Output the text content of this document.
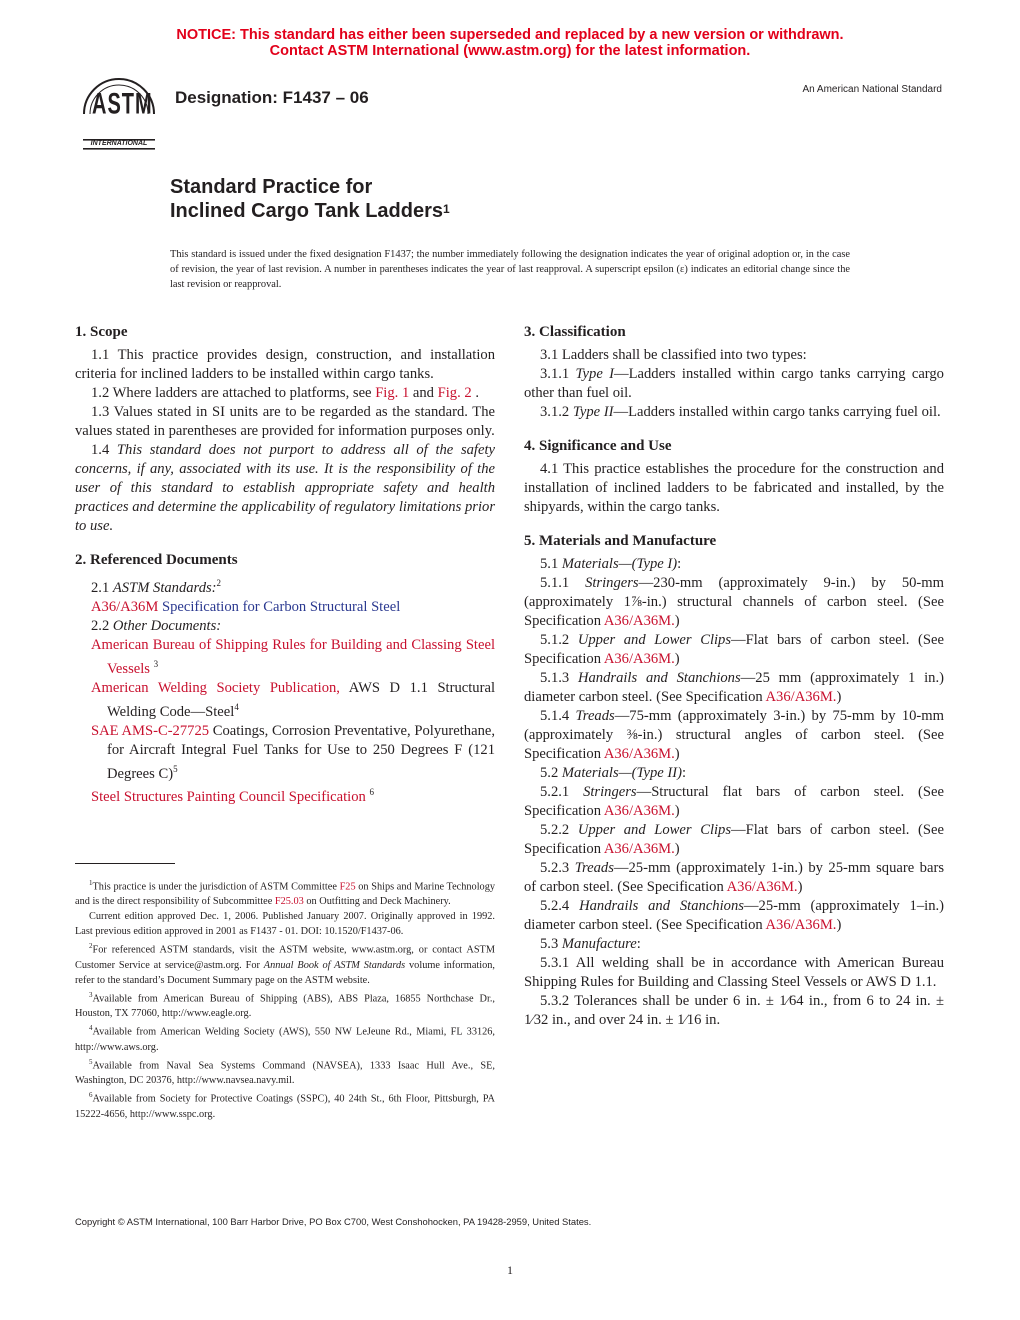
NOTICE: This standard has either been superseded and replaced by a new version or withdrawn.
Contact ASTM International (www.astm.org) for the latest information.
ASTM
INTERNATIONAL
Designation: F1437 – 06	An American National Standard
Standard Practice for
Inclined Cargo Tank Ladders$^1$
This standard is issued under the fixed designation F1437; the number immediately following the designation indicates the year of original adoption or, in the case of revision, the year of last revision. A number in parentheses indicates the year of last reapproval. A superscript epsilon (ε) indicates an editorial change since the last revision or reapproval.
1. Scope

1.1 This practice provides design, construction, and installation criteria for inclined ladders to be installed within cargo tanks.

1.2 Where ladders are attached to platforms, see Fig. 1 and Fig. 2 .

1.3 Values stated in SI units are to be regarded as the standard. The values stated in parentheses are provided for information purposes only.

1.4 This standard does not purport to address all of the safety concerns, if any, associated with its use. It is the responsibility of the user of this standard to establish appropriate safety and health practices and determine the applicability of regulatory limitations prior to use.

2. Referenced Documents

2.1 ASTM Standards:$^2$

A36/A36M Specification for Carbon Structural Steel

2.2 Other Documents:

American Bureau of Shipping Rules for Building and Classing Steel Vessels $^3$

American Welding Society Publication, AWS D 1.1 Structural Welding Code—Steel$^4$

SAE AMS-C-27725 Coatings, Corrosion Preventative, Polyurethane, for Aircraft Integral Fuel Tanks for Use to 250 Degrees F (121 Degrees C)$^5$

Steel Structures Painting Council Specification $^6$

$^1$This practice is under the jurisdiction of ASTM Committee F25 on Ships and Marine Technology and is the direct responsibility of Subcommittee F25.03 on Outfitting and Deck Machinery.

Current edition approved Dec. 1, 2006. Published January 2007. Originally approved in 1992. Last previous edition approved in 2001 as F1437 - 01. DOI: 10.1520/F1437-06.

$^2$For referenced ASTM standards, visit the ASTM website, www.astm.org, or contact ASTM Customer Service at service@astm.org. For Annual Book of ASTM Standards volume information, refer to the standard’s Document Summary page on the ASTM website.

$^3$Available from American Bureau of Shipping (ABS), ABS Plaza, 16855 Northchase Dr., Houston, TX 77060, http://www.eagle.org.

$^4$Available from American Welding Society (AWS), 550 NW LeJeune Rd., Miami, FL 33126, http://www.aws.org.

$^5$Available from Naval Sea Systems Command (NAVSEA), 1333 Isaac Hull Ave., SE, Washington, DC 20376, http://www.navsea.navy.mil.

$^6$Available from Society for Protective Coatings (SSPC), 40 24th St., 6th Floor, Pittsburgh, PA 15222-4656, http://www.sspc.org.

3. Classification

3.1 Ladders shall be classified into two types:

3.1.1 Type I—Ladders installed within cargo tanks carrying cargo other than fuel oil.

3.1.2 Type II—Ladders installed within cargo tanks carrying fuel oil.

4. Significance and Use

4.1 This practice establishes the procedure for the construction and installation of inclined ladders to be fabricated and installed, by the shipyards, within the cargo tanks.

5. Materials and Manufacture

5.1 Materials—(Type I):

5.1.1 Stringers—230-mm (approximately 9-in.) by 50-mm (approximately 1⅞-in.) structural channels of carbon steel. (See Specification A36/A36M.)

5.1.2 Upper and Lower Clips—Flat bars of carbon steel. (See Specification A36/A36M.)

5.1.3 Handrails and Stanchions—25 mm (approximately 1 in.) diameter carbon steel. (See Specification A36/A36M.)

5.1.4 Treads—75-mm (approximately 3-in.) by 75-mm by 10-mm (approximately ⅜-in.) structural angles of carbon steel. (See Specification A36/A36M.)

5.2 Materials—(Type II):

5.2.1 Stringers—Structural flat bars of carbon steel. (See Specification A36/A36M.)

5.2.2 Upper and Lower Clips—Flat bars of carbon steel. (See Specification A36/A36M.)

5.2.3 Treads—25-mm (approximately 1-in.) by 25-mm square bars of carbon steel. (See Specification A36/A36M.)

5.2.4 Handrails and Stanchions—25-mm (approximately 1–in.) diameter carbon steel. (See Specification A36/A36M.)

5.3 Manufacture:

5.3.1 All welding shall be in accordance with American Bureau Shipping Rules for Building and Classing Steel Vessels or AWS D 1.1.

5.3.2 Tolerances shall be under 6 in. ± 1⁄64 in., from 6 to 24 in. ± 1⁄32 in., and over 24 in. ± 1⁄16 in.

Copyright © ASTM International, 100 Barr Harbor Drive, PO Box C700, West Conshohocken, PA 19428-2959, United States.
1
